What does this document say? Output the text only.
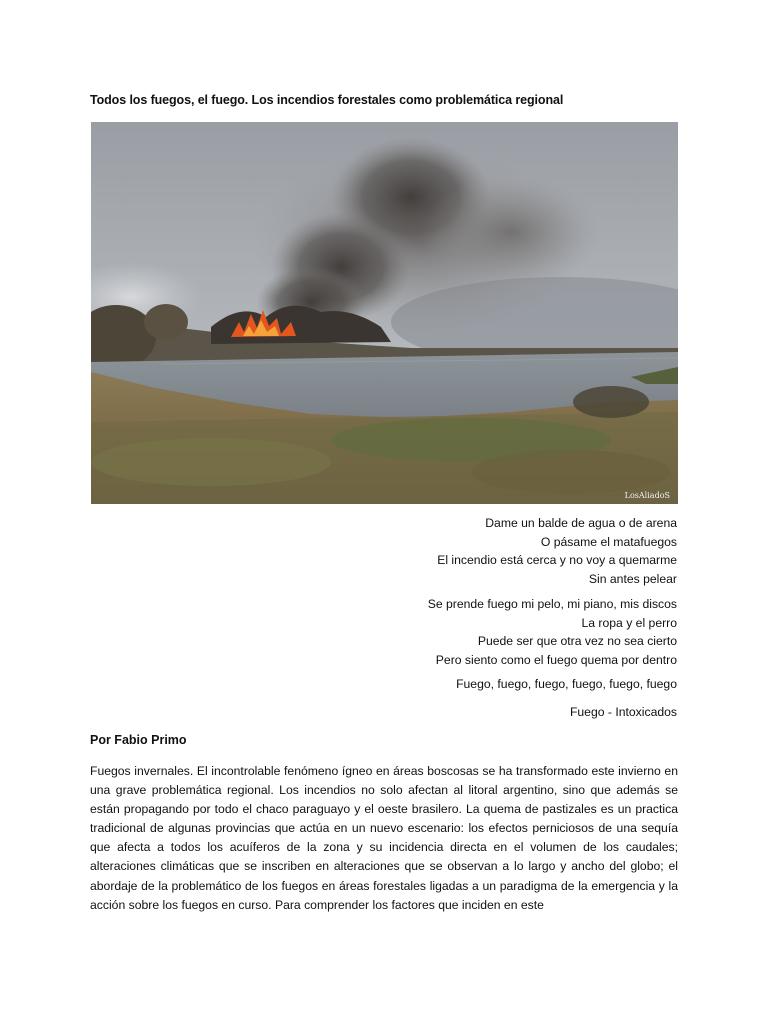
Todos los fuegos, el fuego. Los incendios forestales como problemática regional
LosAliadoS

Dame un balde de agua o de arena

O pásame el matafuegos

El incendio está cerca y no voy a quemarme

Sin antes pelear

Se prende fuego mi pelo, mi piano, mis discos

La ropa y el perro

Puede ser que otra vez no sea cierto

Pero siento como el fuego quema por dentro

Fuego, fuego, fuego, fuego, fuego, fuego

Fuego - Intoxicados

Por Fabio Primo

Fuegos invernales. El incontrolable fenómeno ígneo en áreas boscosas se ha transformado este invierno en una grave problemática regional. Los incendios no solo afectan al litoral argentino, sino que además se están propagando por todo el chaco paraguayo y el oeste brasilero. La quema de pastizales es un practica tradicional de algunas provincias que actúa en un nuevo escenario: los efectos perniciosos de una sequía que afecta a todos los acuíferos de la zona y su incidencia directa en el volumen de los caudales; alteraciones climáticas que se inscriben en alteraciones que se observan a lo largo y ancho del globo; el abordaje de la problemático de los fuegos en áreas forestales ligadas a un paradigma de la emergencia y la acción sobre los fuegos en curso. Para comprender los factores que inciden en este
